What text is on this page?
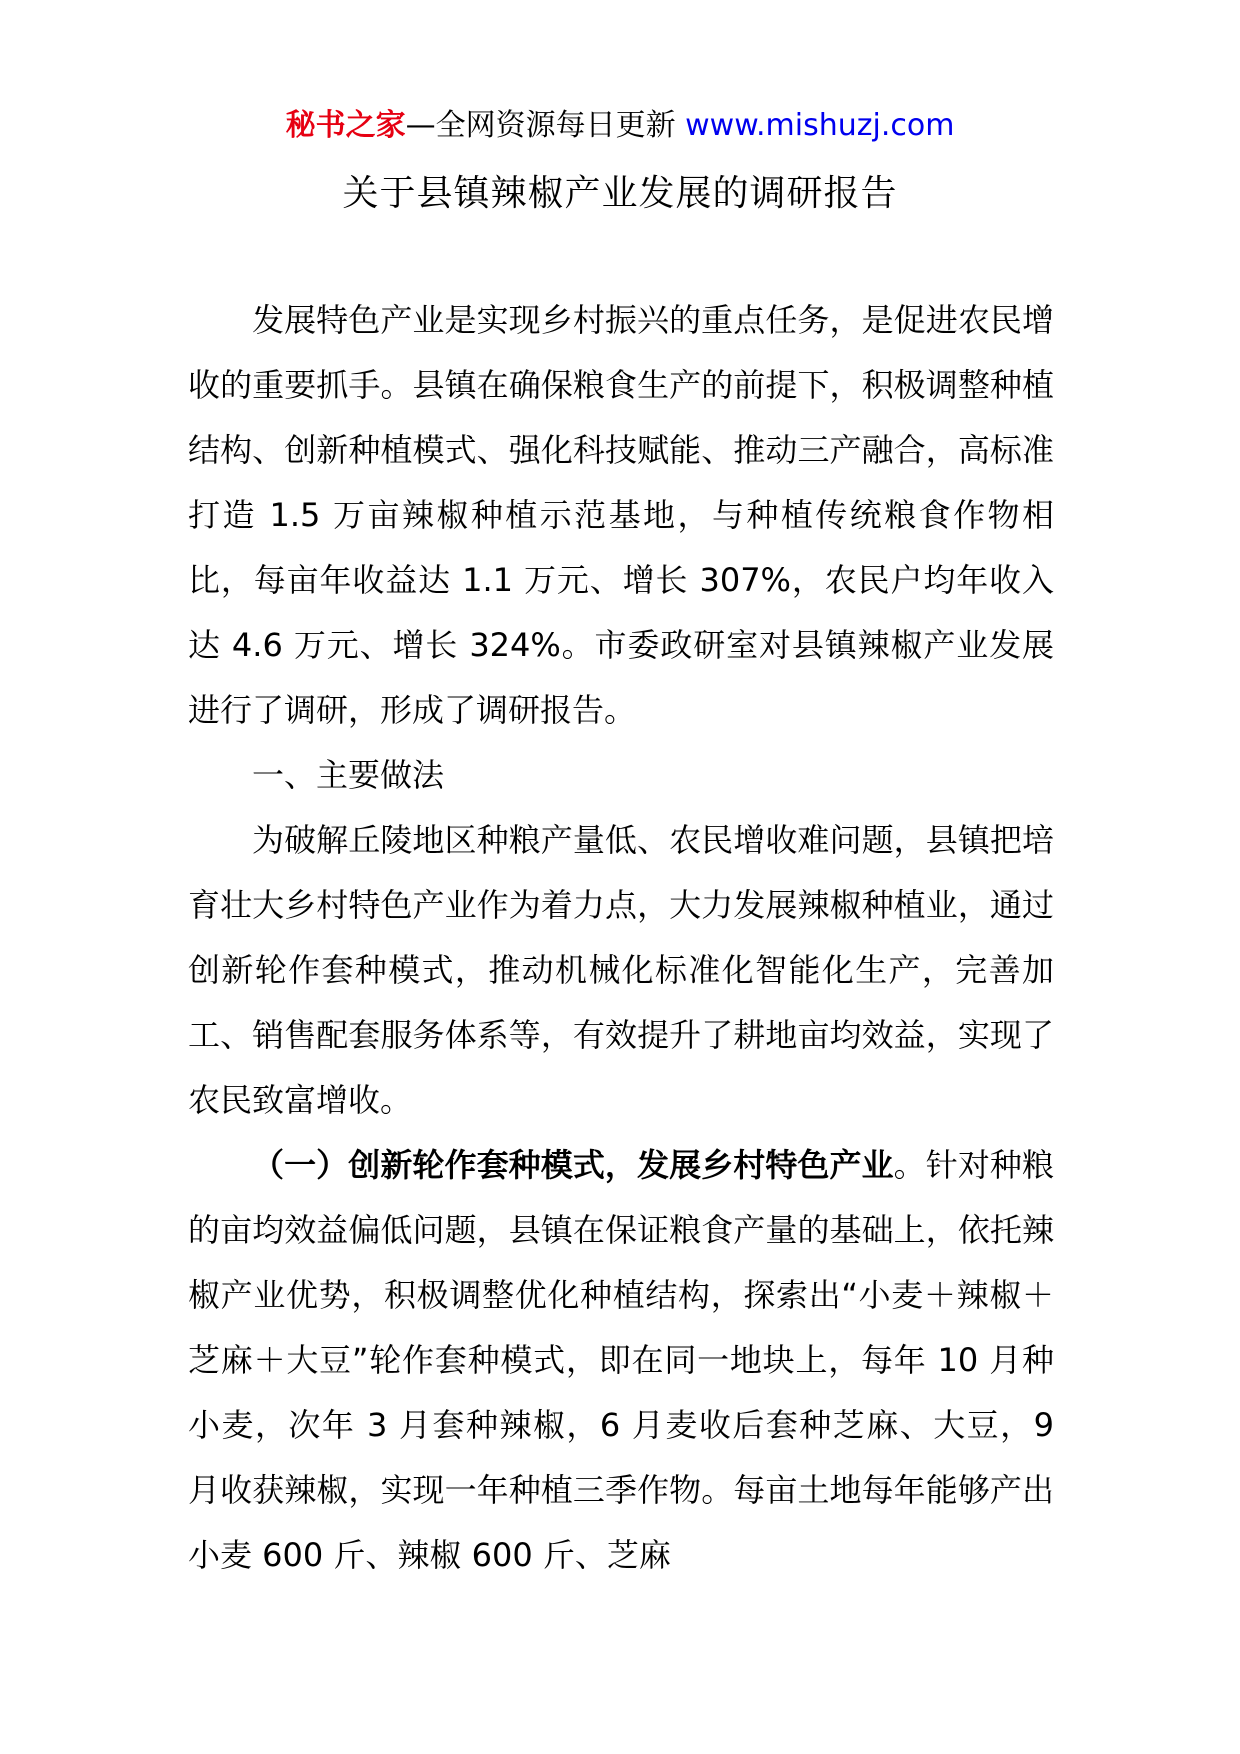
秘书之家—全网资源每日更新 www.mishuzj.com
关于县镇辣椒产业发展的调研报告

发展特色产业是实现乡村振兴的重点任务，是促进农民增收的重要抓手。县镇在确保粮食生产的前提下，积极调整种植结构、创新种植模式、强化科技赋能、推动三产融合，高标准打造 1.5 万亩辣椒种植示范基地，与种植传统粮食作物相比，每亩年收益达 1.1 万元、增长 307%，农民户均年收入达 4.6 万元、增长 324%。市委政研室对县镇辣椒产业发展进行了调研，形成了调研报告。

一、主要做法

为破解丘陵地区种粮产量低、农民增收难问题，县镇把培育壮大乡村特色产业作为着力点，大力发展辣椒种植业，通过创新轮作套种模式，推动机械化标准化智能化生产，完善加工、销售配套服务体系等，有效提升了耕地亩均效益，实现了农民致富增收。

（一）创新轮作套种模式，发展乡村特色产业。针对种粮的亩均效益偏低问题，县镇在保证粮食产量的基础上，依托辣椒产业优势，积极调整优化种植结构，探索出“小麦＋辣椒＋芝麻＋大豆”轮作套种模式，即在同一地块上，每年 10 月种小麦，次年 3 月套种辣椒，6 月麦收后套种芝麻、大豆，9 月收获辣椒，实现一年种植三季作物。每亩土地每年能够产出小麦 600 斤、辣椒 600 斤、芝麻
